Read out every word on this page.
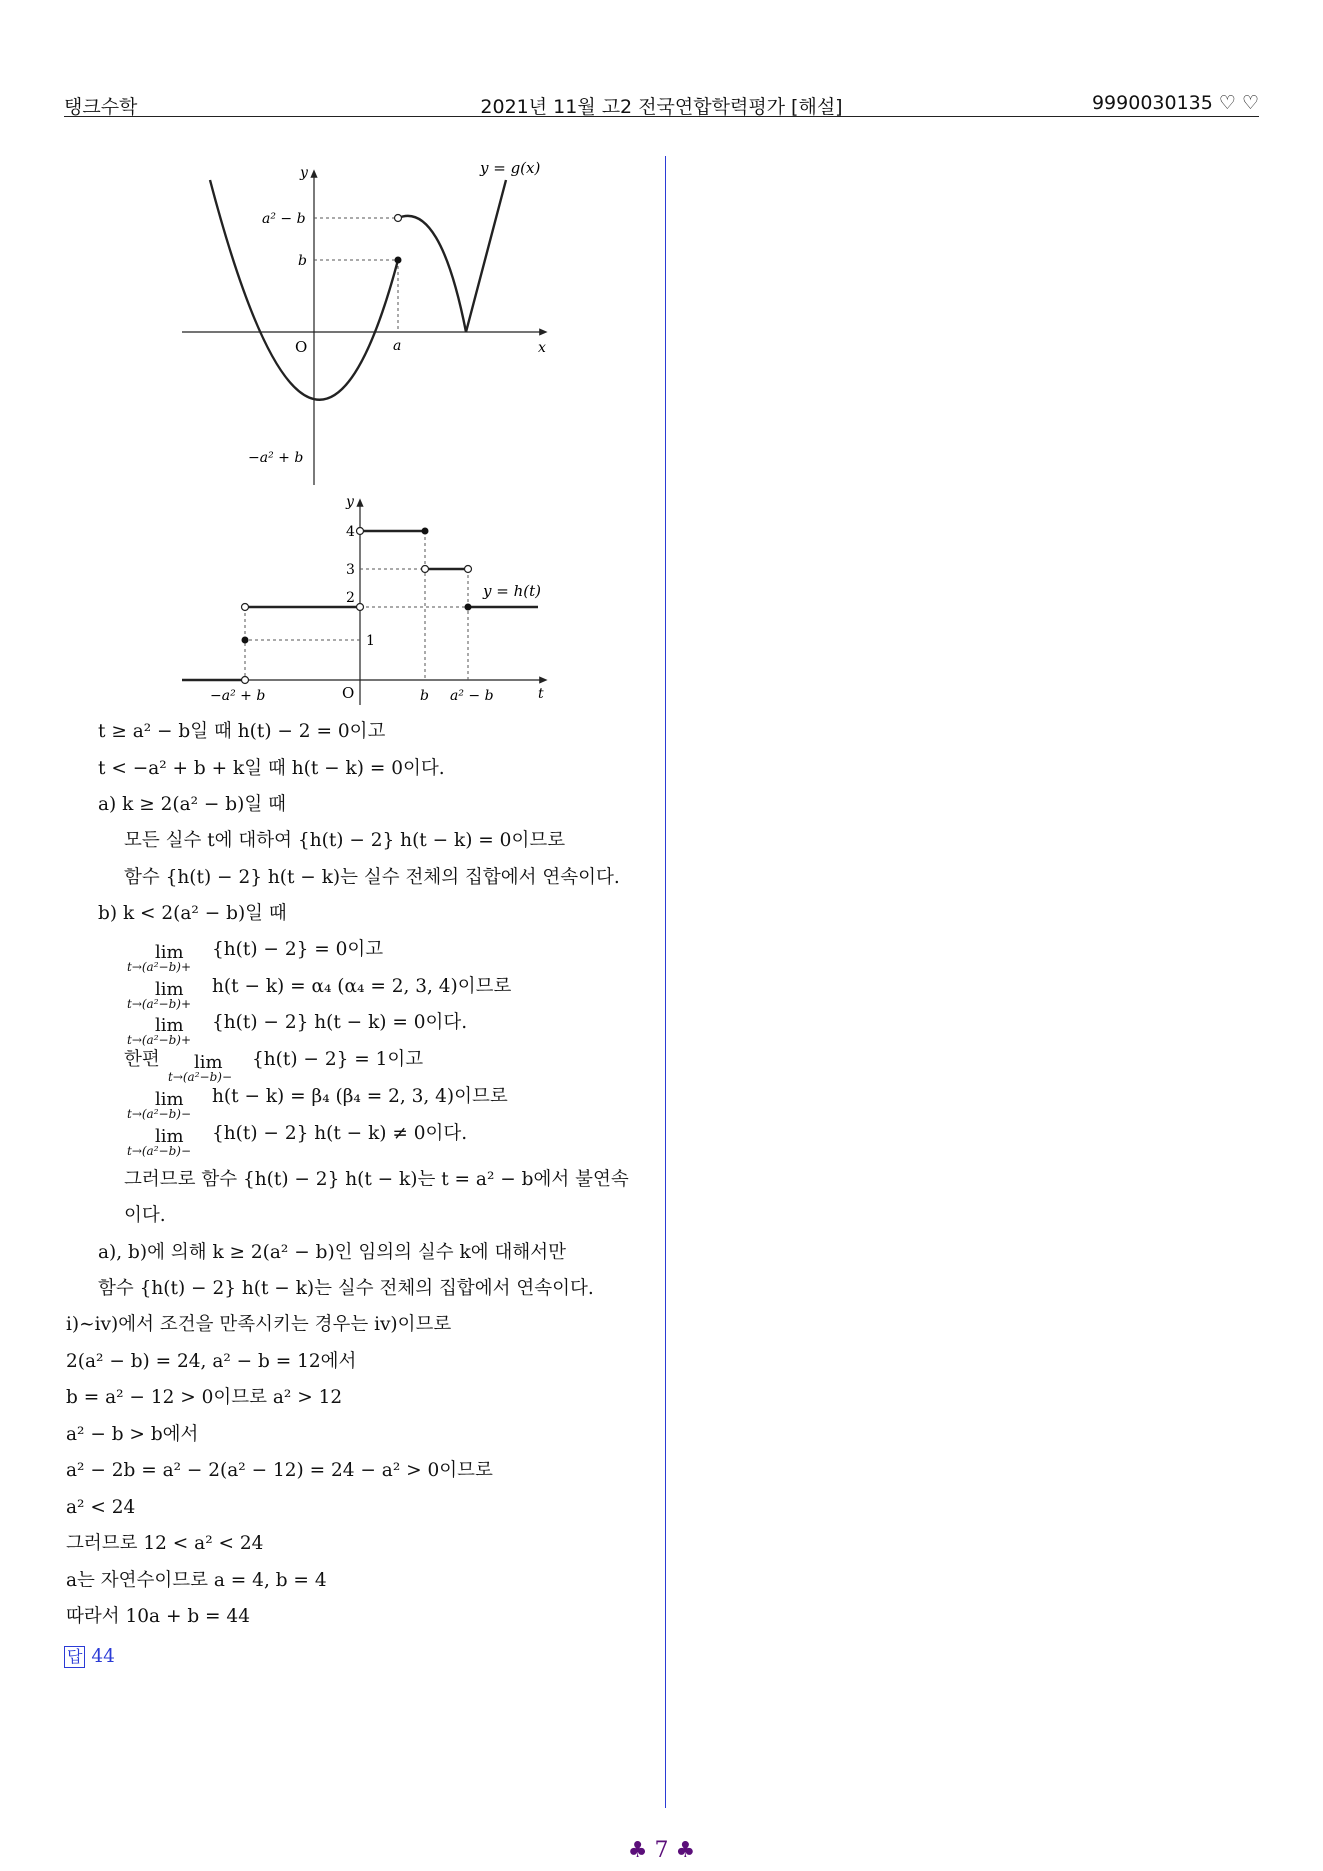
탱크수학	2021년 11월 고2 전국연합학력평가 [해설]	9990030135 ♡ ♡
y = g(x)
y
x
O
a² − b
b
a
−a² + b
y
t
O
4
3
2
1
−a² + b	b a² − b
y = h(t)
t ≥ a² − b일 때 h(t) − 2 = 0이고
t < −a² + b + k일 때 h(t − k) = 0이다.
a) k ≥ 2(a² − b)일 때
모든 실수 t에 대하여 {h(t) − 2} h(t − k) = 0이므로
함수 {h(t) − 2} h(t − k)는 실수 전체의 집합에서 연속이다.
b) k < 2(a² − b)일 때
lim
t→(a²−b)+
{h(t) − 2} = 0이고
lim
t→(a²−b)+
h(t − k) = α₄ (α₄ = 2, 3, 4)이므로
lim
t→(a²−b)+
{h(t) − 2} h(t − k) = 0이다.
한편 lim
t→(a²−b)−
{h(t) − 2} = 1이고
lim
t→(a²−b)−
h(t − k) = β₄ (β₄ = 2, 3, 4)이므로
lim
t→(a²−b)−
{h(t) − 2} h(t − k) ≠ 0이다.
그러므로 함수 {h(t) − 2} h(t − k)는 t = a² − b에서 불연속
이다.
a), b)에 의해 k ≥ 2(a² − b)인 임의의 실수 k에 대해서만
함수 {h(t) − 2} h(t − k)는 실수 전체의 집합에서 연속이다.
ⅰ)∼ⅳ)에서 조건을 만족시키는 경우는 ⅳ)이므로
2(a² − b) = 24, a² − b = 12에서
b = a² − 12 > 0이므로 a² > 12
a² − b > b에서
a² − 2b = a² − 2(a² − 12) = 24 − a² > 0이므로
a² < 24
그러므로 12 < a² < 24
a는 자연수이므로 a = 4, b = 4
따라서 10a + b = 44
답 44
♣ 7 ♣
